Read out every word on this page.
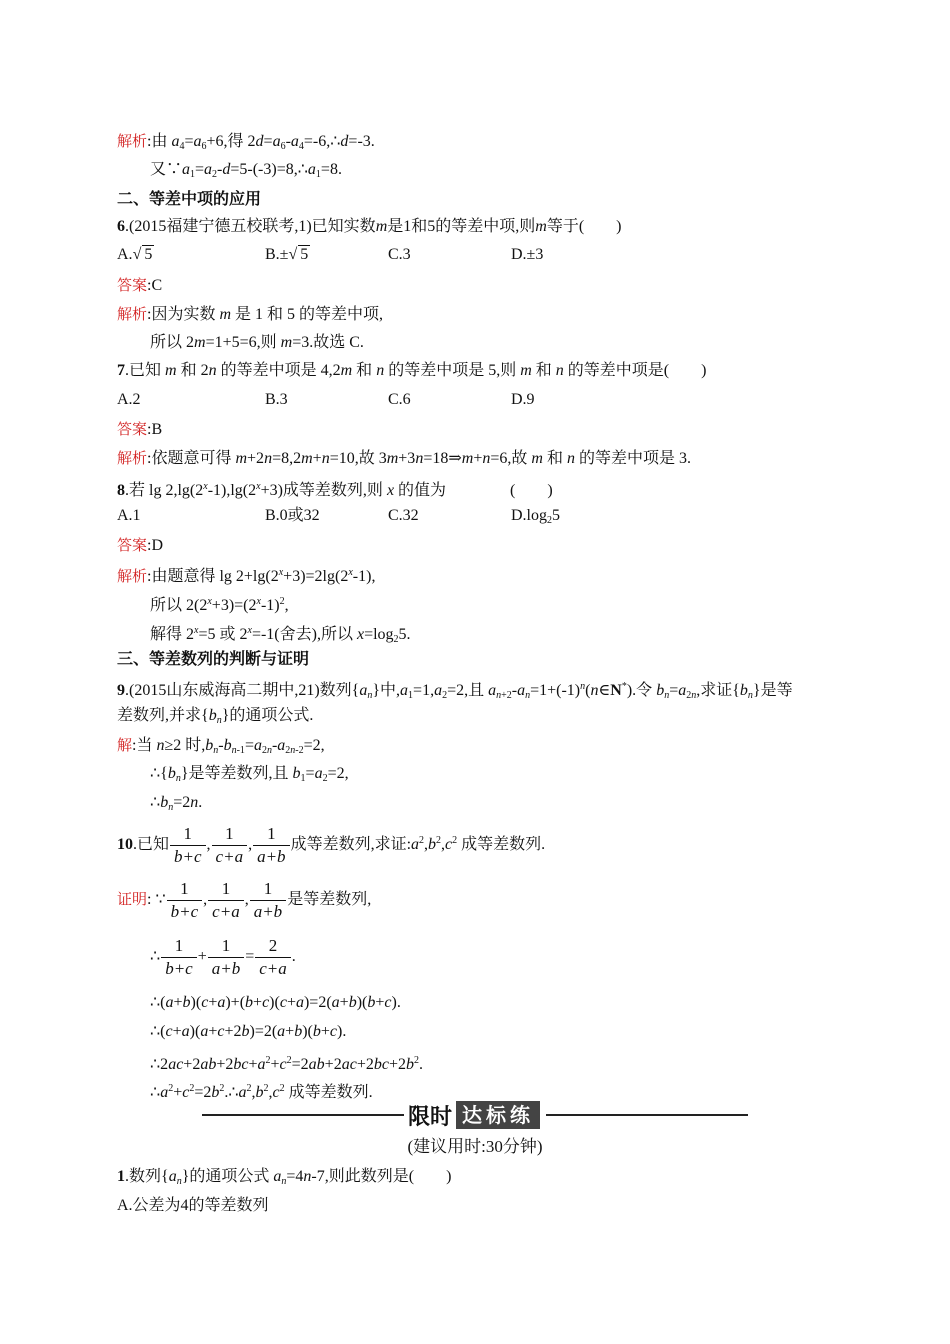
解析:由 $a_4=a_6+6$,得 $2d=a_6-a_4=-6,\therefore d=-3$.
又$\because a_1=a_2-d=5-(-3)=8,\therefore a_1=8$.
二、等差中项的应用
6.(2015福建宁德五校联考,1)已知实数m是1和5的等差中项,则m等于(　　)
A.√ 5	B.±√ 5	C.3	D.±3
答案:C
解析:因为实数 m 是 1 和 5 的等差中项,
所以 2m=1+5=6,则 m=3.故选 C.
7.已知 m 和 2n 的等差中项是 4,2m 和 n 的等差中项是 5,则 m 和 n 的等差中项是(　　)
A.2	B.3	C.6	D.9
答案:B
解析:依题意可得 m+2n=8,2m+n=10,故 3m+3n=18⇒m+n=6,故 m 和 n 的等差中项是 3.
8.若 $\lg 2,\lg(2^x-1),\lg(2^x+3)$成等差数列,则 x 的值为　　　　(　　)
A.1	B.0或32	C.32	$D.\log_25$
答案:D
解析:由题意得 $\lg 2+\lg(2^x+3)=2\lg(2^x-1)$,
所以 $2(2^x+3)=(2^x-1)^2$,
解得 $2^x=5$ 或 $2^x=-1$(舍去),所以 $x=\log_25$.
三、等差数列的判断与证明
9.(2015山东威海高二期中,21)数列$\{a_n\}$中$,a_1=1,a_2=2$,且 $a_{n+2}-a_n=1+(-1)^n(n\in N^*)$.令 $b_n=a_{2n}$,求证$\{b_n\}$是等
差数列,并求$\{b_n\}$的通项公式.
解:当 n≥2 时$,b_n-b_{n-1}=a_{2n}-a_{2n-2}=2$,
$\therefore\{b_n\}$是等差数列,且 $b_1=a_2=2$,
$\therefore b_n=2n$.
10.已知 $\frac{1}{b+c}$ , $\frac{1}{c+a}$ , $\frac{1}{a+b}$ 成等差数列,求证$:a^2,b^2,c^2$ 成等差数列.
证明: ∵ $\frac{1}{b+c}$ , $\frac{1}{c+a}$ , $\frac{1}{a+b}$ 是等差数列,
∴ $\frac{1}{b+c} + \frac{1}{a+b} = \frac{2}{c+a}$ .
∴(a+b)(c+a)+(b+c)(c+a)=2(a+b)(b+c).
∴(c+a)(a+c+2b)=2(a+b)(b+c).
$\therefore 2ac+2ab+2bc+a^2+c^2=2ab+2ac+2bc+2b^2$.
$\therefore a^2+c^2=2b^2.\therefore a^2,b^2,c^2$ 成等差数列.
限时 达标练
(建议用时:30分钟)
1.数列$\{a_n\}$的通项公式 $a_n=4n-7$,则此数列是(　　)
A.公差为4的等差数列
